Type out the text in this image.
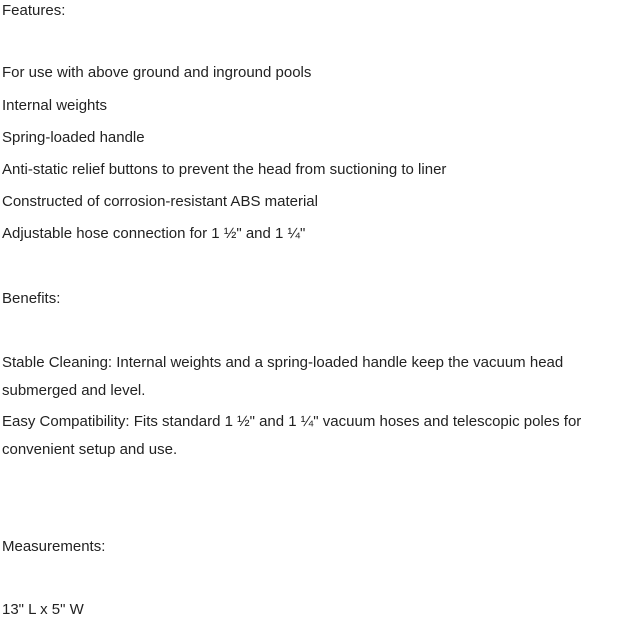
Features:
For use with above ground and inground pools
Internal weights
Spring-loaded handle
Anti-static relief buttons to prevent the head from suctioning to liner
Constructed of corrosion-resistant ABS material
Adjustable hose connection for 1 ½" and 1 ¼"
Benefits:
Stable Cleaning: Internal weights and a spring-loaded handle keep the vacuum head submerged and level.
Easy Compatibility: Fits standard 1 ½" and 1 ¼" vacuum hoses and telescopic poles for convenient setup and use.
Measurements:
13" L x 5" W
